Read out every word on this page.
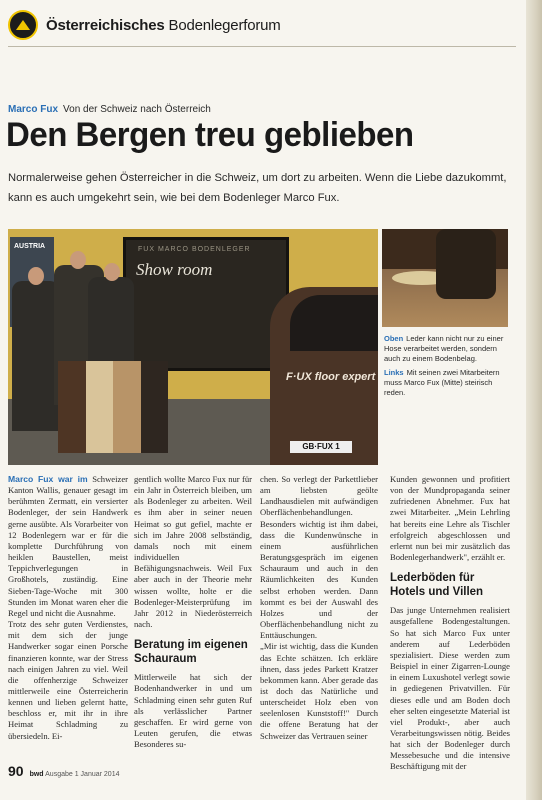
Österreichisches Bodenlegerforum
Marco Fux Von der Schweiz nach Österreich
Den Bergen treu geblieben
Normalerweise gehen Österreicher in die Schweiz, um dort zu arbeiten. Wenn die Liebe dazukommt, kann es auch umgekehrt sein, wie bei dem Bodenleger Marco Fux.
AUSTRIA	FUX MARCO BODENLEGER
Show room
F·UX floor expert
GB·FUX 1
Oben Leder kann nicht nur zu einer Hose verarbeitet werden, sondern auch zu einem Bodenbelag.
Links Mit seinen zwei Mitarbeitern muss Marco Fux (Mitte) steirisch reden.

Marco Fux war im Schweizer Kanton Wallis, genauer gesagt im berühmten Zermatt, ein versierter Bodenleger, der sein Handwerk gerne ausübte. Als Vorarbeiter von 12 Bodenlegern war er für die komplette Durchführung von heiklen Baustellen, meist Teppichverlegungen in Großhotels, zuständig. Eine Sieben-Tage-Woche mit 300 Stunden im Monat waren eher die Regel und nicht die Ausnahme.

Trotz des sehr guten Verdienstes, mit dem sich der junge Handwerker sogar einen Porsche finanzieren konnte, war der Stress nach einigen Jahren zu viel. Weil die offenherzige Schweizer mittlerweile eine Österreicherin kennen und lieben gelernt hatte, beschloss er, mit ihr in ihre Heimat Schladming zu übersiedeln. Ei-

gentlich wollte Marco Fux nur für ein Jahr in Österreich bleiben, um als Bodenleger zu arbeiten. Weil es ihm aber in seiner neuen Heimat so gut gefiel, machte er sich im Jahre 2008 selbständig, damals noch mit einem individuellen Befähigungsnachweis. Weil Fux aber auch in der Theorie mehr wissen wollte, holte er die Bodenleger-Meisterprüfung im Jahr 2012 in Niederösterreich nach.

Beratung im eigenen Schauraum

Mittlerweile hat sich der Bodenhandwerker in und um Schladming einen sehr guten Ruf als verlässlicher Partner geschaffen. Er wird gerne von Leuten gerufen, die etwas Besonderes su-

chen. So verlegt der Parkettlieber am liebsten geölte Landhausdielen mit aufwändigen Oberflächenbehandlungen. Besonders wichtig ist ihm dabei, dass die Kundenwünsche in einem ausführlichen Beratungsgespräch im eigenen Schauraum und auch in den Räumlichkeiten des Kunden selbst erhoben werden. Dann kommt es bei der Auswahl des Holzes und der Oberflächenbehandlung nicht zu Enttäuschungen.

„Mir ist wichtig, dass die Kunden das Echte schätzen. Ich erkläre ihnen, dass jedes Parkett Kratzer bekommen kann. Aber gerade das ist doch das Natürliche und unterscheidet Holz eben von seelenlosen Kunststoff!" Durch die offene Beratung hat der Schweizer das Vertrauen seiner

Kunden gewonnen und profitiert von der Mundpropaganda seiner zufriedenen Abnehmer. Fux hat zwei Mitarbeiter. „Mein Lehrling hat bereits eine Lehre als Tischler erfolgreich abgeschlossen und erlernt nun bei mir zusätzlich das Bodenlegerhandwerk", erzählt er.

Lederböden für Hotels und Villen

Das junge Unternehmen realisiert ausgefallene Bodengestaltungen. So hat sich Marco Fux unter anderem auf Lederböden spezialisiert. Diese werden zum Beispiel in einer Zigarren-Lounge in einem Luxushotel verlegt sowie in gediegenen Privatvillen. Für dieses edle und am Boden doch eher selten eingesetzte Material ist viel Produkt-, aber auch Verarbeitungswissen nötig. Beides hat sich der Bodenleger durch Messebesuche und die intensive Beschäftigung mit der

90 bwd Ausgabe 1 Januar 2014
